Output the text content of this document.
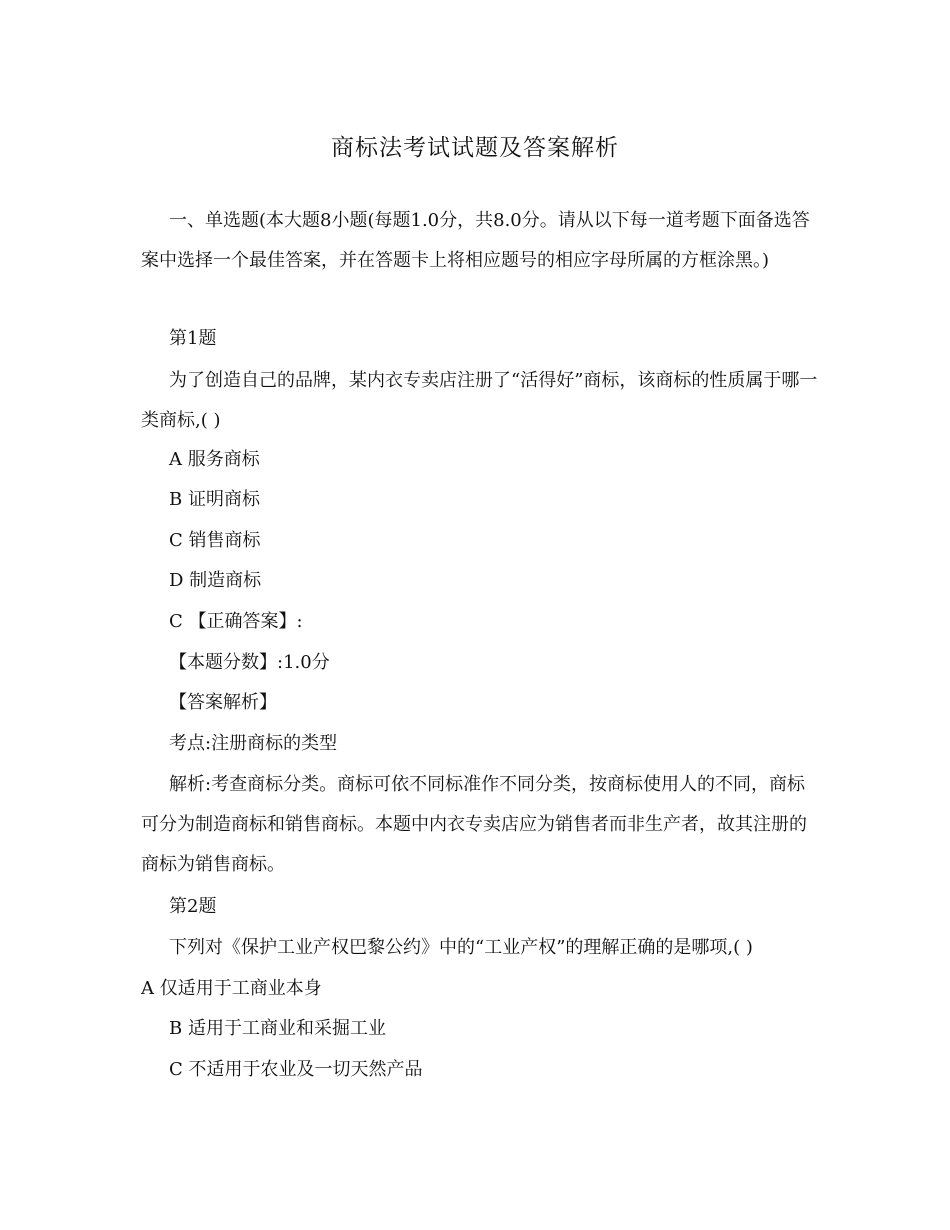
商标法考试试题及答案解析

一、单选题(本大题8小题(每题1.0分，共8.0分。请从以下每一道考题下面备选答案中选择一个最佳答案，并在答题卡上将相应题号的相应字母所属的方框涂黑。)

第1题

为了创造自己的品牌，某内衣专卖店注册了“活得好”商标，该商标的性质属于哪一类商标,( )

A 服务商标
B 证明商标
C 销售商标
D 制造商标
C 【正确答案】:
【本题分数】:1.0分
【答案解析】
考点:注册商标的类型

解析:考查商标分类。商标可依不同标准作不同分类，按商标使用人的不同，商标可分为制造商标和销售商标。本题中内衣专卖店应为销售者而非生产者，故其注册的商标为销售商标。

第2题
下列对《保护工业产权巴黎公约》中的“工业产权”的理解正确的是哪项,( )
A 仅适用于工商业本身
B 适用于工商业和采掘工业
C 不适用于农业及一切天然产品
